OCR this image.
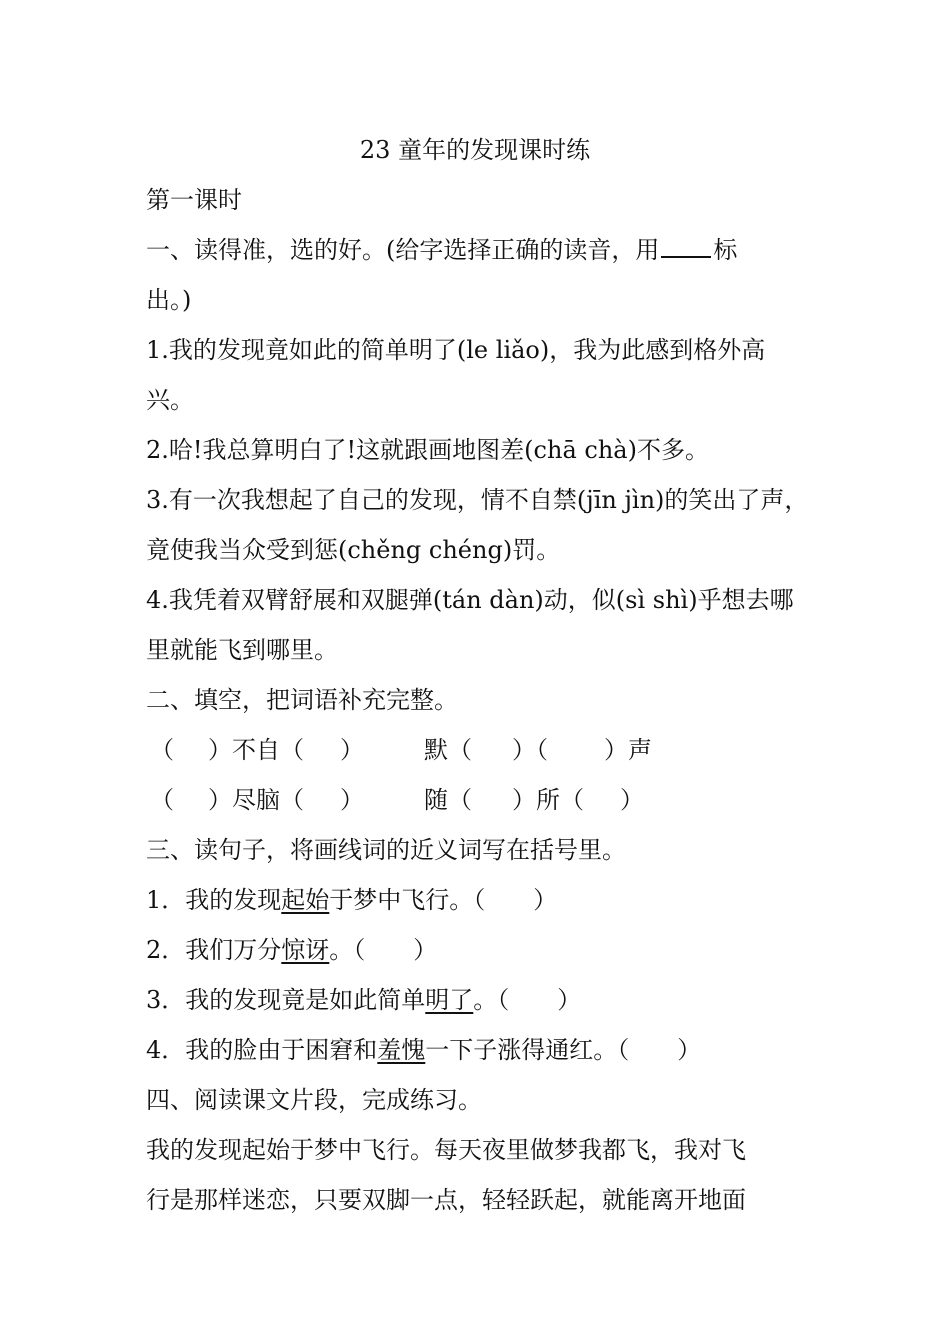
23 童年的发现课时练
第一课时
一、读得准，选的好。(给字选择正确的读音，用 标
出。)
1.我的发现竟如此的简单明了(le liǎo)，我为此感到格外高
兴。
2.哈!我总算明白了!这就跟画地图差(chā chà)不多。
3.有一次我想起了自己的发现，情不自禁(jīn jìn)的笑出了声，
竟使我当众受到惩(chěng chéng)罚。
4.我凭着双臂舒展和双腿弹(tán dàn)动，似(sì shì)乎想去哪
里就能飞到哪里。
二、填空，把词语补充完整。
（ ）不自（ ）	默（ ）（ ）声
（ ）尽脑（ ）	随（ ）所（ ）
三、读句子，将画线词的近义词写在括号里。
1．我的发现起始于梦中飞行。（　　）
2．我们万分惊讶。（　　）
3．我的发现竟是如此简单明了。（　　）
4．我的脸由于困窘和羞愧一下子涨得通红。（　　）
四、阅读课文片段，完成练习。
我的发现起始于梦中飞行。每天夜里做梦我都飞，我对飞
行是那样迷恋，只要双脚一点，轻轻跃起，就能离开地面
